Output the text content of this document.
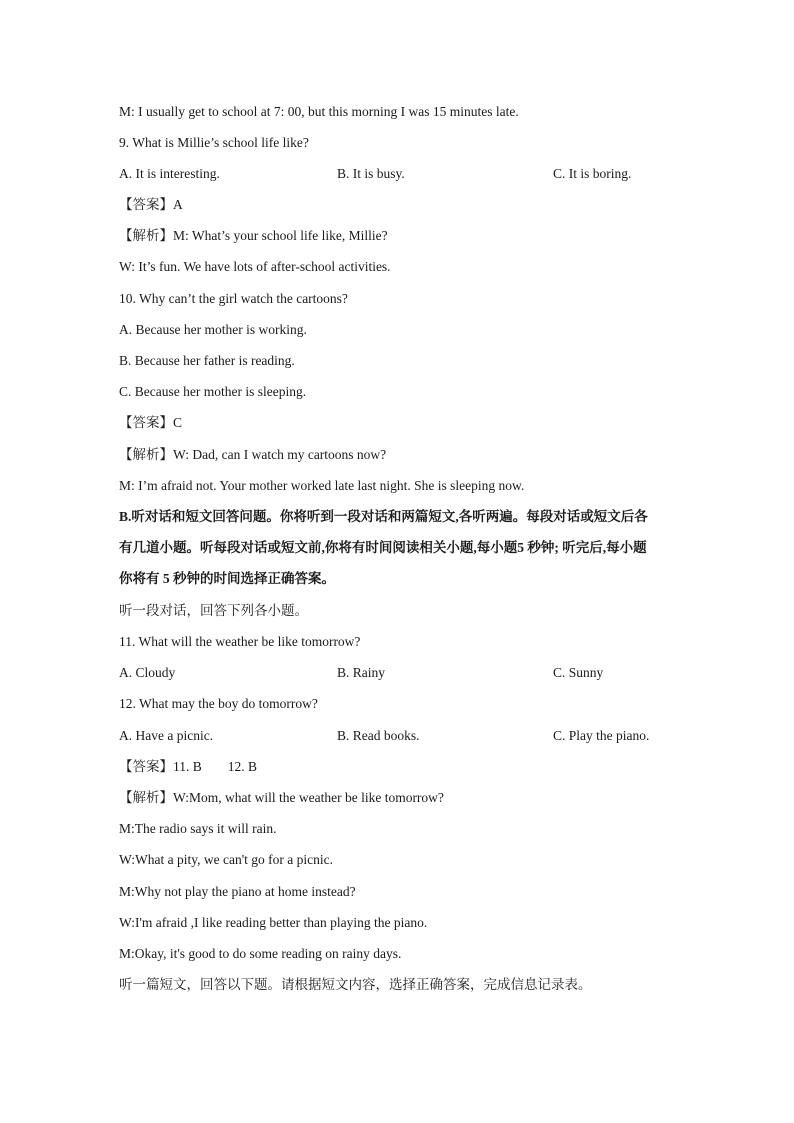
M: I usually get to school at 7: 00, but this morning I was 15 minutes late.
9. What is Millie’s school life like?
A. It is interesting.	B. It is busy.	C. It is boring.
【答案】A
【解析】M: What’s your school life like, Millie?
W: It’s fun. We have lots of after-school activities.
10. Why can’t the girl watch the cartoons?
A. Because her mother is working.
B. Because her father is reading.
C. Because her mother is sleeping.
【答案】C
【解析】W: Dad, can I watch my cartoons now?
M: I’m afraid not. Your mother worked late last night. She is sleeping now.
B.听对话和短文回答问题。你将听到一段对话和两篇短文,各听两遍。每段对话或短文后各
有几道小题。听每段对话或短文前,你将有时间阅读相关小题,每小题5 秒钟; 听完后,每小题
你将有 5 秒钟的时间选择正确答案。
听一段对话，回答下列各小题。
11. What will the weather be like tomorrow?
A. Cloudy	B. Rainy	C. Sunny
12. What may the boy do tomorrow?
A. Have a picnic.	B. Read books.	C. Play the piano.
【答案】11. B 12. B
【解析】W:Mom, what will the weather be like tomorrow?
M:The radio says it will rain.
W:What a pity, we can't go for a picnic.
M:Why not play the piano at home instead?
W:I'm afraid ,I like reading better than playing the piano.
M:Okay, it's good to do some reading on rainy days.
听一篇短文，回答以下题。请根据短文内容，选择正确答案，完成信息记录表。
